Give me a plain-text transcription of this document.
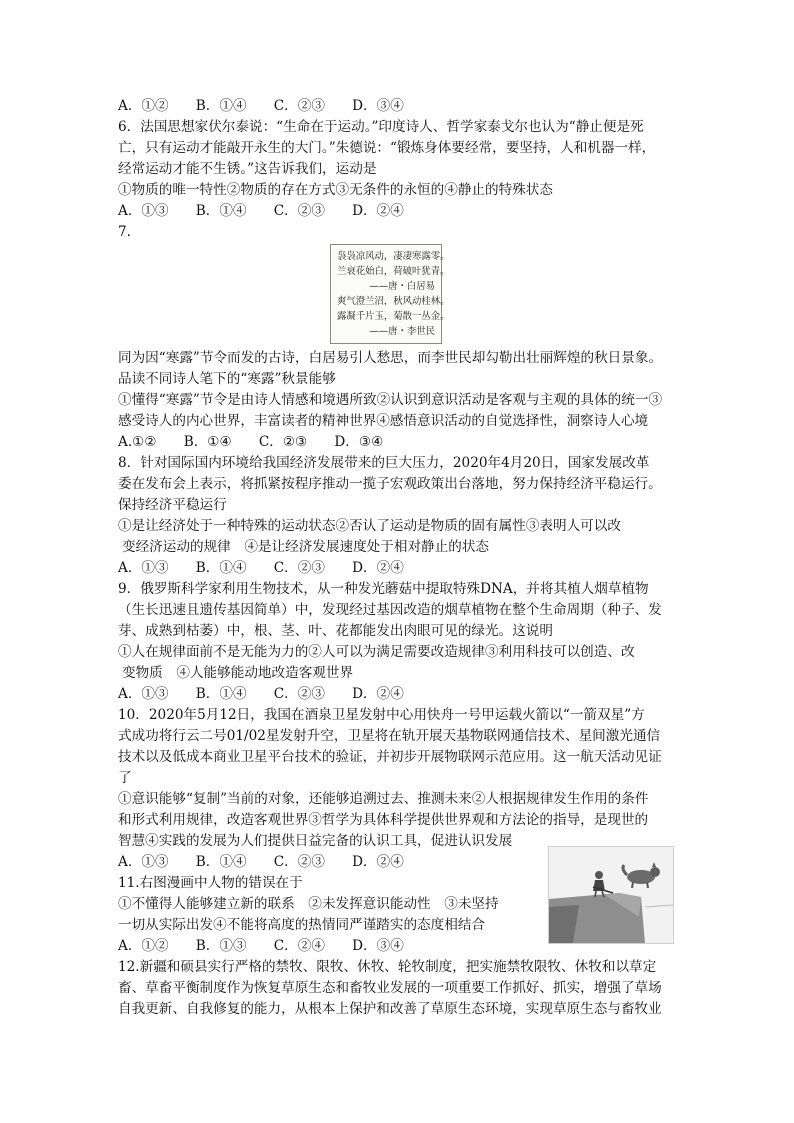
A．①②　　B．①④　　C．②③　　D．③④
6．法国思想家伏尔泰说：“生命在于运动。”印度诗人、哲学家泰戈尔也认为“静止便是死
亡，只有运动才能敲开永生的大门。”朱德说：“锻炼身体要经常，要坚持，人和机器一样，
经常运动才能不生锈。”这告诉我们，运动是
①物质的唯一特性②物质的存在方式③无条件的永恒的④静止的特殊状态
A．①③　　B．①④　　C．②③　　D．②④
7.
袅袅凉风动，凄凄寒露零。
兰衰花始白，荷破叶犹青。
——唐・白居易
爽气澄兰沼，秋风动桂林。
露凝千片玉，菊散一丛金。
——唐・李世民
同为因“寒露”节令而发的古诗，白居易引人愁思，而李世民却勾勒出壮丽辉煌的秋日景象。
品读不同诗人笔下的“寒露”秋景能够
①懂得“寒露”节令是由诗人情感和境遇所致②认识到意识活动是客观与主观的具体的统一③
感受诗人的内心世界，丰富读者的精神世界④感悟意识活动的自觉选择性，洞察诗人心境
A.①②　　B．①④　　C．②③　　D．③④
8．针对国际国内环境给我国经济发展带来的巨大压力，2020年4月20日，国家发展改革
委在发布会上表示，将抓紧按程序推动一揽子宏观政策出台落地，努力保持经济平稳运行。
保持经济平稳运行
①是让经济处于一种特殊的运动状态②否认了运动是物质的固有属性③表明人可以改
变经济运动的规律　④是让经济发展速度处于相对静止的状态
A．①③　　B．①④　　C．②③　　D．②④
9．俄罗斯科学家利用生物技术，从一种发光蘑菇中提取特殊DNA，并将其植人烟草植物
（生长迅速且遗传基因简单）中，发现经过基因改造的烟草植物在整个生命周期（种子、发
芽、成熟到枯萎）中，根、茎、叶、花都能发出肉眼可见的绿光。这说明
①人在规律面前不是无能为力的②人可以为满足需要改造规律③利用科技可以创造、改
变物质　④人能够能动地改造客观世界
A．①③　　B．①④　　C．②③　　D．②④
10．2020年5月12日，我国在酒泉卫星发射中心用快舟一号甲运载火箭以“一箭双星”方
式成功将行云二号01/02星发射升空，卫星将在轨开展天基物联网通信技术、星间激光通信
技术以及低成本商业卫星平台技术的验证，并初步开展物联网示范应用。这一航天活动见证
了
①意识能够“复制”当前的对象，还能够追溯过去、推测未来②人根据规律发生作用的条件
和形式利用规律，改造客观世界③哲学为具体科学提供世界观和方法论的指导，是现世的
智慧④实践的发展为人们提供日益完备的认识工具，促进认识发展
A．①③　　B．①④　　C．②③　　D．②④
11.右图漫画中人物的错误在于
①不懂得人能够建立新的联系　②未发挥意识能动性　③未坚持
一切从实际出发④不能将高度的热情同严谨踏实的态度相结合
A．①②　　B．①③　　C．②④　　D．③④
12.新疆和硕县实行严格的禁牧、限牧、休牧、轮牧制度，把实施禁牧限牧、休牧和以草定
畜、草畜平衡制度作为恢复草原生态和畜牧业发展的一项重要工作抓好、抓实，增强了草场
自我更新、自我修复的能力，从根本上保护和改善了草原生态环境，实现草原生态与畜牧业
